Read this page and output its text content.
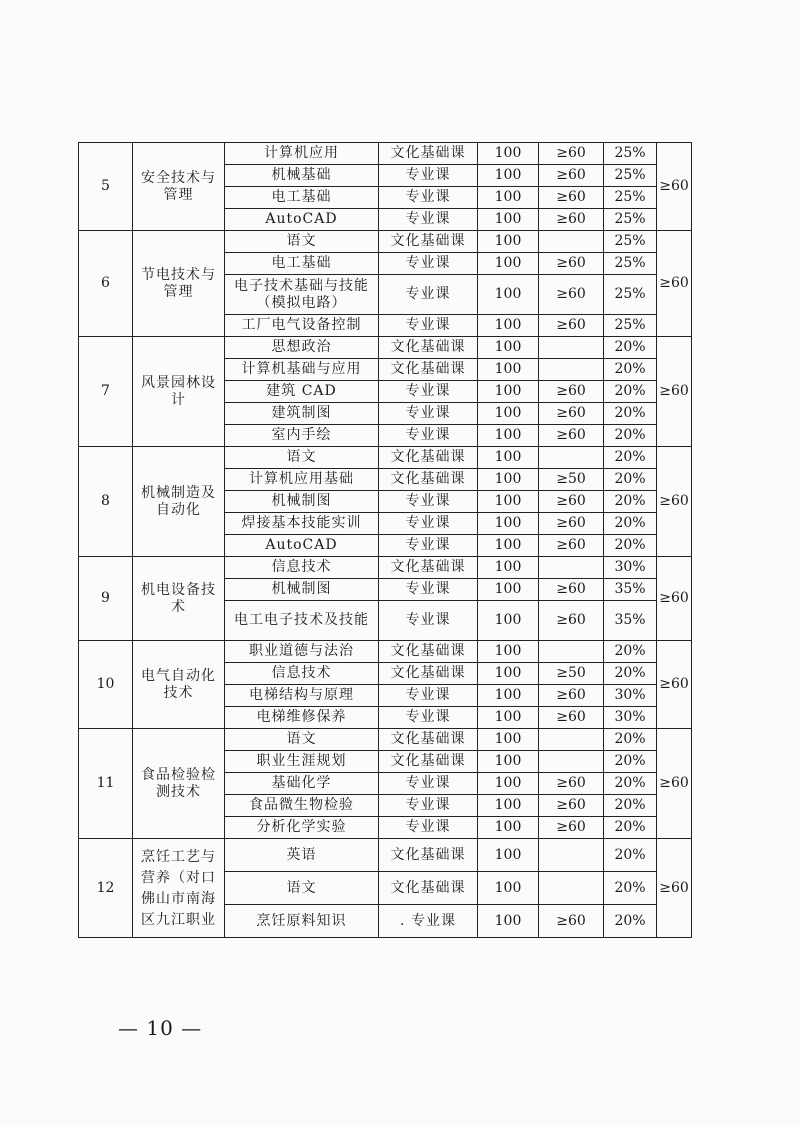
5	安全技术与管理	计算机应用	文化基础课	100	≥60	25%	≥60
		机械基础	专业课	100	≥60	25%	
		电工基础	专业课	100	≥60	25%	
		AutoCAD	专业课	100	≥60	25%	
6	节电技术与管理	语文	文化基础课	100		25%	≥60
		电工基础	专业课	100	≥60	25%	
		电子技术基础与技能（模拟电路）	专业课	100	≥60	25%	
		工厂电气设备控制	专业课	100	≥60	25%	
7	风景园林设计	思想政治	文化基础课	100		20%	≥60
		计算机基础与应用	文化基础课	100		20%	
		建筑 CAD	专业课	100	≥60	20%	
		建筑制图	专业课	100	≥60	20%	
		室内手绘	专业课	100	≥60	20%	
8	机械制造及自动化	语文	文化基础课	100		20%	≥60
		计算机应用基础	文化基础课	100	≥50	20%	
		机械制图	专业课	100	≥60	20%	
		焊接基本技能实训	专业课	100	≥60	20%	
		AutoCAD	专业课	100	≥60	20%	
9	机电设备技术	信息技术	文化基础课	100		30%	≥60
		机械制图	专业课	100	≥60	35%	
		电工电子技术及技能	专业课	100	≥60	35%	
10	电气自动化技术	职业道德与法治	文化基础课	100		20%	≥60
		信息技术	文化基础课	100	≥50	20%	
		电梯结构与原理	专业课	100	≥60	30%	
		电梯维修保养	专业课	100	≥60	30%	
11	食品检验检测技术	语文	文化基础课	100		20%	≥60
		职业生涯规划	文化基础课	100		20%	
		基础化学	专业课	100	≥60	20%	
		食品微生物检验	专业课	100	≥60	20%	
		分析化学实验	专业课	100	≥60	20%	
12	烹饪工艺与营养（对口佛山市南海区九江职业	英语	文化基础课	100		20%	≥60
		语文	文化基础课	100		20%	
		烹饪原料知识	. 专业课	100	≥60	20%	
— 10 —
